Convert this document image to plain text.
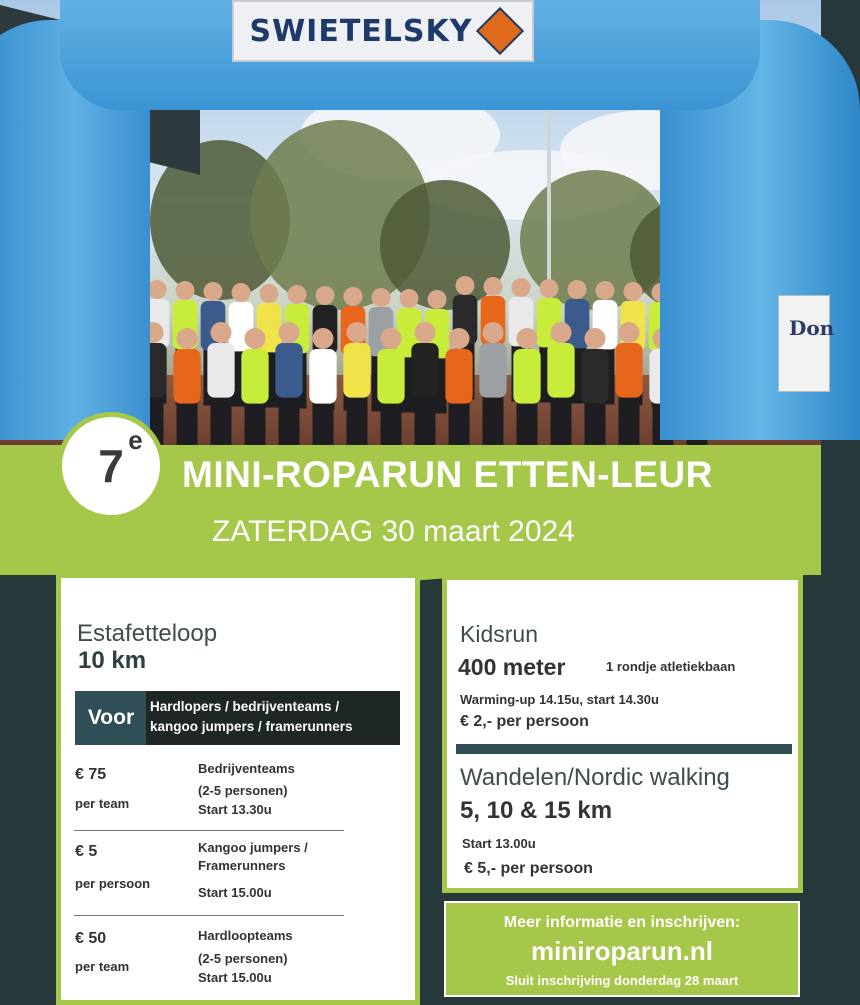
SWIETELSKY
Don
7 e
MINI-ROPARUN ETTEN-LEUR
ZATERDAG 30 maart 2024
Estafetteloop
10 km
Voor Hardlopers / bedrijventeams /
kangoo jumpers / framerunners
€ 75
per team
Bedrijventeams
(2-5 personen)
Start 13.30u
€ 5
per persoon
Kangoo jumpers /
Framerunners
Start 15.00u
€ 50
per team
Hardloopteams
(2-5 personen)
Start 15.00u
Kidsrun
400 meter	1 rondje atletiekbaan
Warming-up 14.15u, start 14.30u
€ 2,- per persoon
Wandelen/Nordic walking
5, 10 & 15 km
Start 13.00u
€ 5,- per persoon
Meer informatie en inschrijven:
miniroparun.nl
Sluit inschrijving donderdag 28 maart
